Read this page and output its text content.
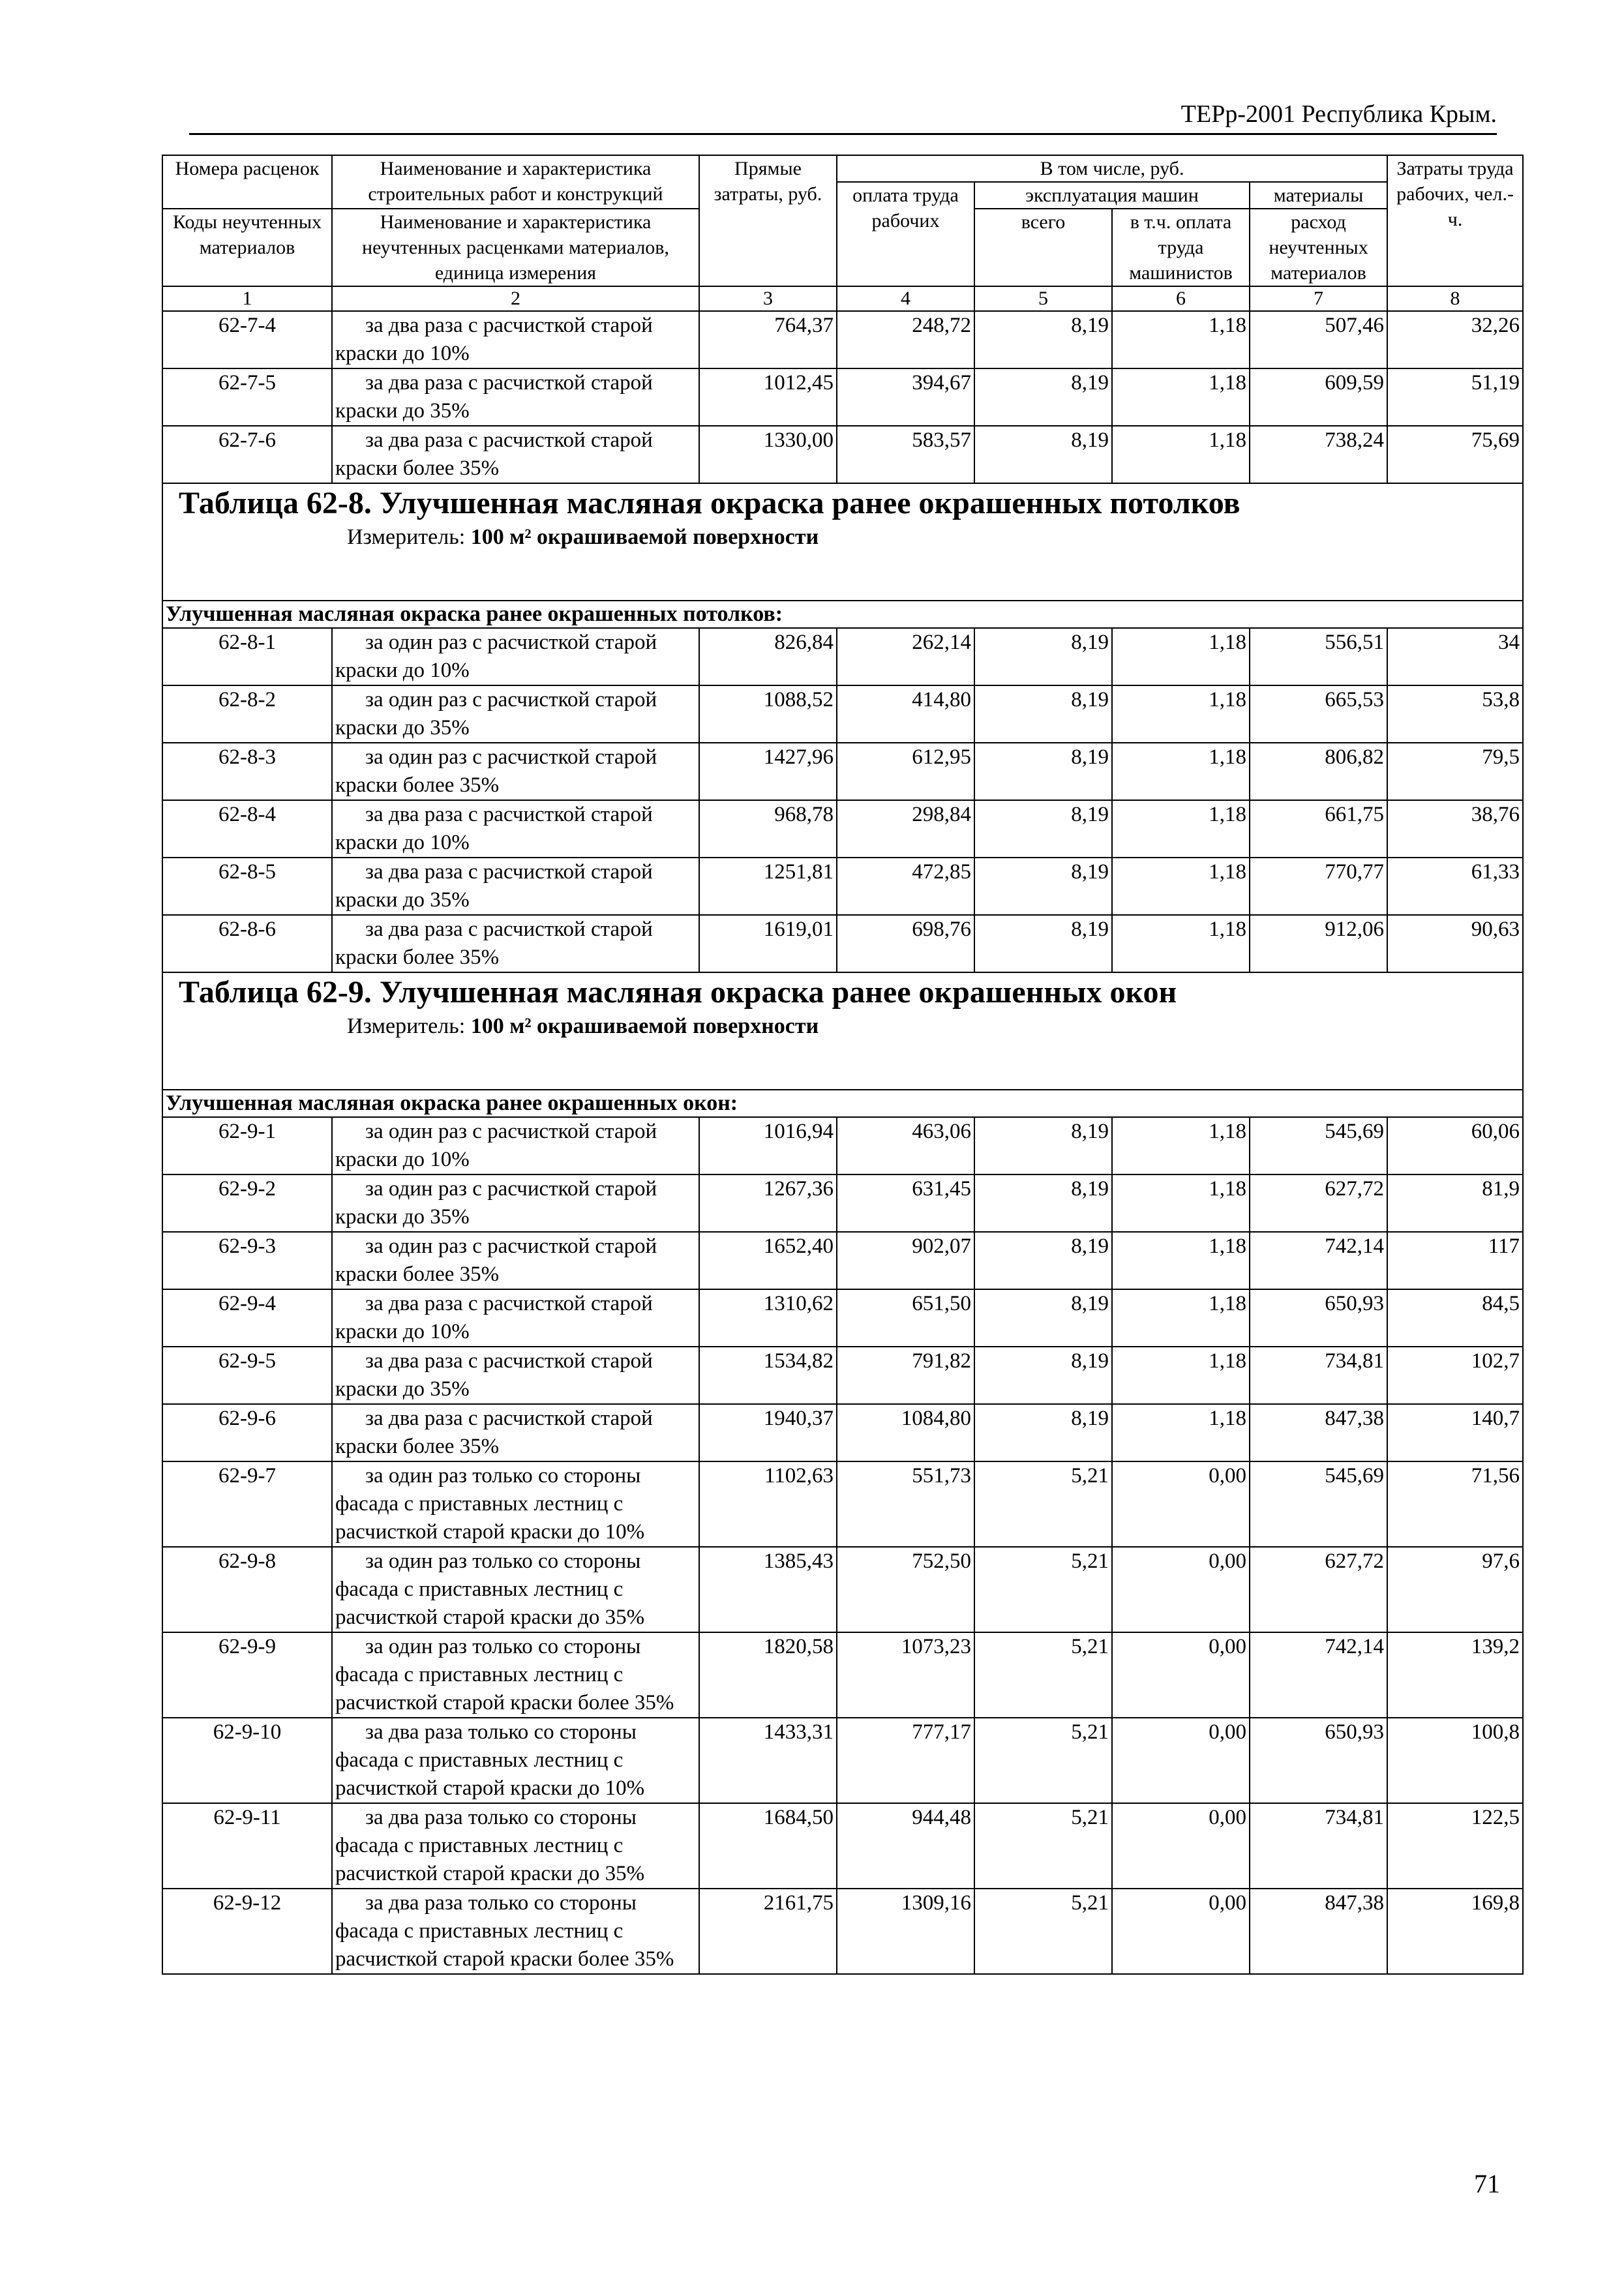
ТЕРр-2001 Республика Крым.
Номера расценок	Наименование и характеристика строительных работ и конструкций	Прямые затраты, руб.	В том числе, руб.				Затраты труда рабочих, чел.-ч.
			оплата труда рабочих	эксплуатация машин		материалы	
Коды неучтенных материалов	Наименование и характеристика неучтенных расценками материалов, единица измерения			всего	в т.ч. оплата труда машинистов	расход неучтенных материалов	

1	2	3	4	5	6	7	8
62-7-4	за два раза с расчисткой старой краски до 10%	764,37	248,72	8,19	1,18	507,46	32,26
62-7-5	за два раза с расчисткой старой краски до 35%	1012,45	394,67	8,19	1,18	609,59	51,19
62-7-6	за два раза с расчисткой старой краски более 35%	1330,00	583,57	8,19	1,18	738,24	75,69

Таблица 62-8. Улучшенная масляная окраска ранее окрашенных потолков
Измеритель: 100 м² окрашиваемой поверхности							

Улучшенная масляная окраска ранее окрашенных потолков:							
62-8-1	за один раз с расчисткой старой краски до 10%	826,84	262,14	8,19	1,18	556,51	34
62-8-2	за один раз с расчисткой старой краски до 35%	1088,52	414,80	8,19	1,18	665,53	53,8
62-8-3	за один раз с расчисткой старой краски более 35%	1427,96	612,95	8,19	1,18	806,82	79,5
62-8-4	за два раза с расчисткой старой краски до 10%	968,78	298,84	8,19	1,18	661,75	38,76
62-8-5	за два раза с расчисткой старой краски до 35%	1251,81	472,85	8,19	1,18	770,77	61,33
62-8-6	за два раза с расчисткой старой краски более 35%	1619,01	698,76	8,19	1,18	912,06	90,63

Таблица 62-9. Улучшенная масляная окраска ранее окрашенных окон
Измеритель: 100 м² окрашиваемой поверхности							

Улучшенная масляная окраска ранее окрашенных окон:							
62-9-1	за один раз с расчисткой старой краски до 10%	1016,94	463,06	8,19	1,18	545,69	60,06
62-9-2	за один раз с расчисткой старой краски до 35%	1267,36	631,45	8,19	1,18	627,72	81,9
62-9-3	за один раз с расчисткой старой краски более 35%	1652,40	902,07	8,19	1,18	742,14	117
62-9-4	за два раза с расчисткой старой краски до 10%	1310,62	651,50	8,19	1,18	650,93	84,5
62-9-5	за два раза с расчисткой старой краски до 35%	1534,82	791,82	8,19	1,18	734,81	102,7
62-9-6	за два раза с расчисткой старой краски более 35%	1940,37	1084,80	8,19	1,18	847,38	140,7
62-9-7	за один раз только со стороны фасада с приставных лестниц с расчисткой старой краски до 10%	1102,63	551,73	5,21	0,00	545,69	71,56
62-9-8	за один раз только со стороны фасада с приставных лестниц с расчисткой старой краски до 35%	1385,43	752,50	5,21	0,00	627,72	97,6
62-9-9	за один раз только со стороны фасада с приставных лестниц с расчисткой старой краски более 35%	1820,58	1073,23	5,21	0,00	742,14	139,2
62-9-10	за два раза только со стороны фасада с приставных лестниц с расчисткой старой краски до 10%	1433,31	777,17	5,21	0,00	650,93	100,8
62-9-11	за два раза только со стороны фасада с приставных лестниц с расчисткой старой краски до 35%	1684,50	944,48	5,21	0,00	734,81	122,5
62-9-12	за два раза только со стороны фасада с приставных лестниц с расчисткой старой краски более 35%	2161,75	1309,16	5,21	0,00	847,38	169,8
71
